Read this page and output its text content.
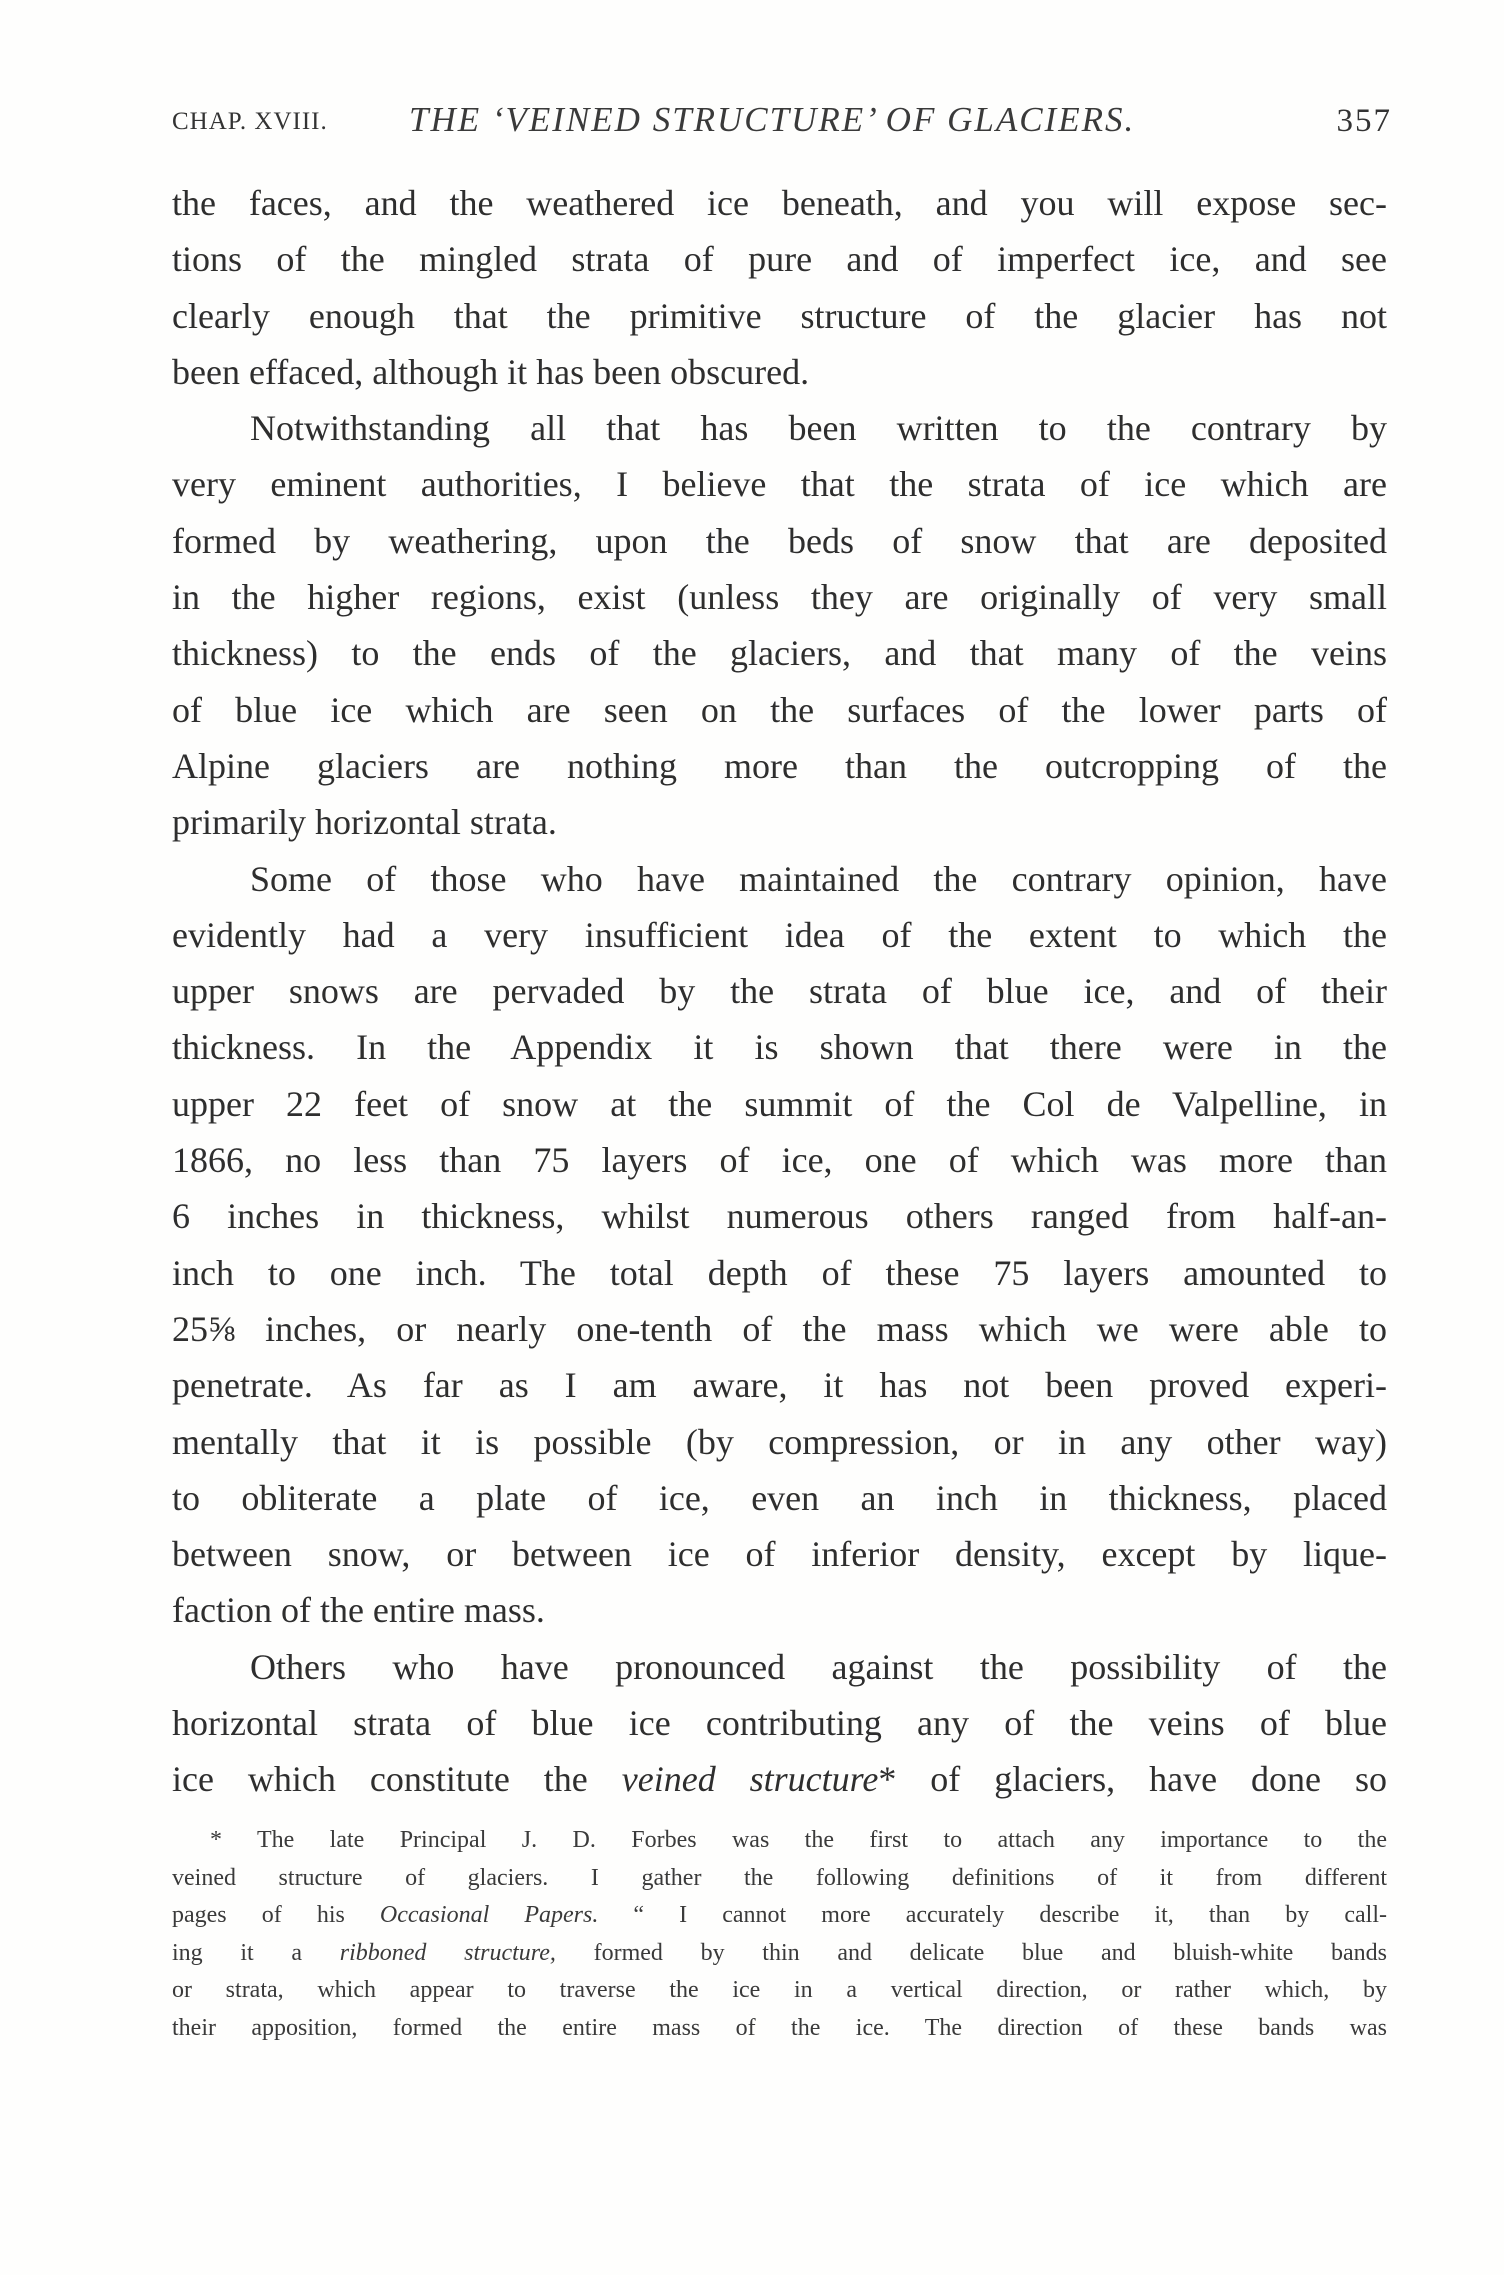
CHAP. XVIII. THE ‘VEINED STRUCTURE’ OF GLACIERS.	357
the faces, and the weathered ice beneath, and you will expose sec-
tions of the mingled strata of pure and of imperfect ice, and see
clearly enough that the primitive structure of the glacier has not
been effaced, although it has been obscured.
Notwithstanding all that has been written to the contrary by
very eminent authorities, I believe that the strata of ice which are
formed by weathering, upon the beds of snow that are deposited
in the higher regions, exist (unless they are originally of very small
thickness) to the ends of the glaciers, and that many of the veins
of blue ice which are seen on the surfaces of the lower parts of
Alpine glaciers are nothing more than the outcropping of the
primarily horizontal strata.
Some of those who have maintained the contrary opinion, have
evidently had a very insufficient idea of the extent to which the
upper snows are pervaded by the strata of blue ice, and of their
thickness. In the Appendix it is shown that there were in the
upper 22 feet of snow at the summit of the Col de Valpelline, in
1866, no less than 75 layers of ice, one of which was more than
6 inches in thickness, whilst numerous others ranged from half-an-
inch to one inch. The total depth of these 75 layers amounted to
25⅝ inches, or nearly one-tenth of the mass which we were able to
penetrate. As far as I am aware, it has not been proved experi-
mentally that it is possible (by compression, or in any other way)
to obliterate a plate of ice, even an inch in thickness, placed
between snow, or between ice of inferior density, except by lique-
faction of the entire mass.
Others who have pronounced against the possibility of the
horizontal strata of blue ice contributing any of the veins of blue
ice which constitute the veined structure* of glaciers, have done so
* The late Principal J. D. Forbes was the first to attach any importance to the
veined structure of glaciers. I gather the following definitions of it from different
pages of his Occasional Papers. “ I cannot more accurately describe it, than by call-
ing it a ribboned structure, formed by thin and delicate blue and bluish-white bands
or strata, which appear to traverse the ice in a vertical direction, or rather which, by
their apposition, formed the entire mass of the ice. The direction of these bands was
